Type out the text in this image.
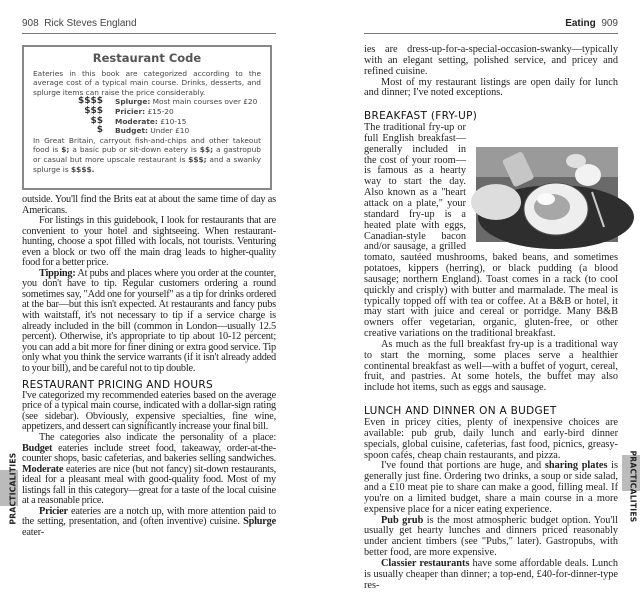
908 Rick Steves England
Restaurant Code
Eateries in this book are categorized according to the average cost of a typical main course. Drinks, desserts, and splurge items can raise the price considerably.
$$$$	Splurge: Most main courses over £20
$$$	Pricier: £15-20
$$	Moderate: £10-15
$	Budget: Under £10
In Great Britain, carryout fish-and-chips and other takeout food is $; a basic pub or sit-down eatery is $$; a gastropub or casual but more upscale restaurant is $$$; and a swanky splurge is $$$$.

outside. You'll find the Brits eat at about the same time of day as Americans.

For listings in this guidebook, I look for restaurants that are convenient to your hotel and sightseeing. When restaurant-hunting, choose a spot filled with locals, not tourists. Venturing even a block or two off the main drag leads to higher-quality food for a better price.

Tipping: At pubs and places where you order at the counter, you don't have to tip. Regular customers ordering a round sometimes say, "Add one for yourself" as a tip for drinks ordered at the bar—but this isn't expected. At restaurants and fancy pubs with waitstaff, it's not necessary to tip if a service charge is already included in the bill (common in London—usually 12.5 percent). Otherwise, it's appropriate to tip about 10-12 percent; you can add a bit more for finer dining or extra good service. Tip only what you think the service warrants (if it isn't already added to your bill), and be careful not to tip double.

RESTAURANT PRICING AND HOURS

I've categorized my recommended eateries based on the average price of a typical main course, indicated with a dollar-sign rating (see sidebar). Obviously, expensive specialties, fine wine, appetizers, and dessert can significantly increase your final bill.

The categories also indicate the personality of a place: Budget eateries include street food, takeaway, order-at-the-counter shops, basic cafeterias, and bakeries selling sandwiches. Moderate eateries are nice (but not fancy) sit-down restaurants, ideal for a pleasant meal with good-quality food. Most of my listings fall in this category—great for a taste of the local cuisine at a reasonable price.

Pricier eateries are a notch up, with more attention paid to the setting, presentation, and (often inventive) cuisine. Splurge eater-

PRACTICALITIES
Eating 909

ies are dress-up-for-a-special-occasion-swanky—typically with an elegant setting, polished service, and pricey and refined cuisine.

Most of my restaurant listings are open daily for lunch and dinner; I've noted exceptions.

BREAKFAST (FRY-UP)

The traditional fry-up or full English breakfast—generally included in the cost of your room—is famous as a hearty way to start the day. Also known as a "heart attack on a plate," your standard fry-up is a heated plate with eggs, Canadian-style bacon and/or sausage, a grilled tomato, sautéed mushrooms, baked beans, and sometimes potatoes, kippers (herring), or black pudding (a blood sausage; northern England). Toast comes in a rack (to cool quickly and crisply) with butter and marmalade. The meal is typically topped off with tea or coffee. At a B&B or hotel, it may start with juice and cereal or porridge. Many B&B owners offer vegetarian, organic, gluten-free, or other creative variations on the traditional breakfast.

As much as the full breakfast fry-up is a traditional way to start the morning, some places serve a healthier continental breakfast as well—with a buffet of yogurt, cereal, fruit, and pastries. At some hotels, the buffet may also include hot items, such as eggs and sausage.

LUNCH AND DINNER ON A BUDGET

Even in pricey cities, plenty of inexpensive choices are available: pub grub, daily lunch and early-bird dinner specials, global cuisine, cafeterias, fast food, picnics, greasy-spoon cafés, cheap chain restaurants, and pizza.

I've found that portions are huge, and sharing plates is generally just fine. Ordering two drinks, a soup or side salad, and a £10 meat pie to share can make a good, filling meal. If you're on a limited budget, share a main course in a more expensive place for a nicer eating experience.

Pub grub is the most atmospheric budget option. You'll usually get hearty lunches and dinners priced reasonably under ancient timbers (see "Pubs," later). Gastropubs, with better food, are more expensive.

Classier restaurants have some affordable deals. Lunch is usually cheaper than dinner; a top-end, £40-for-dinner-type res-

PRACTICALITIES
